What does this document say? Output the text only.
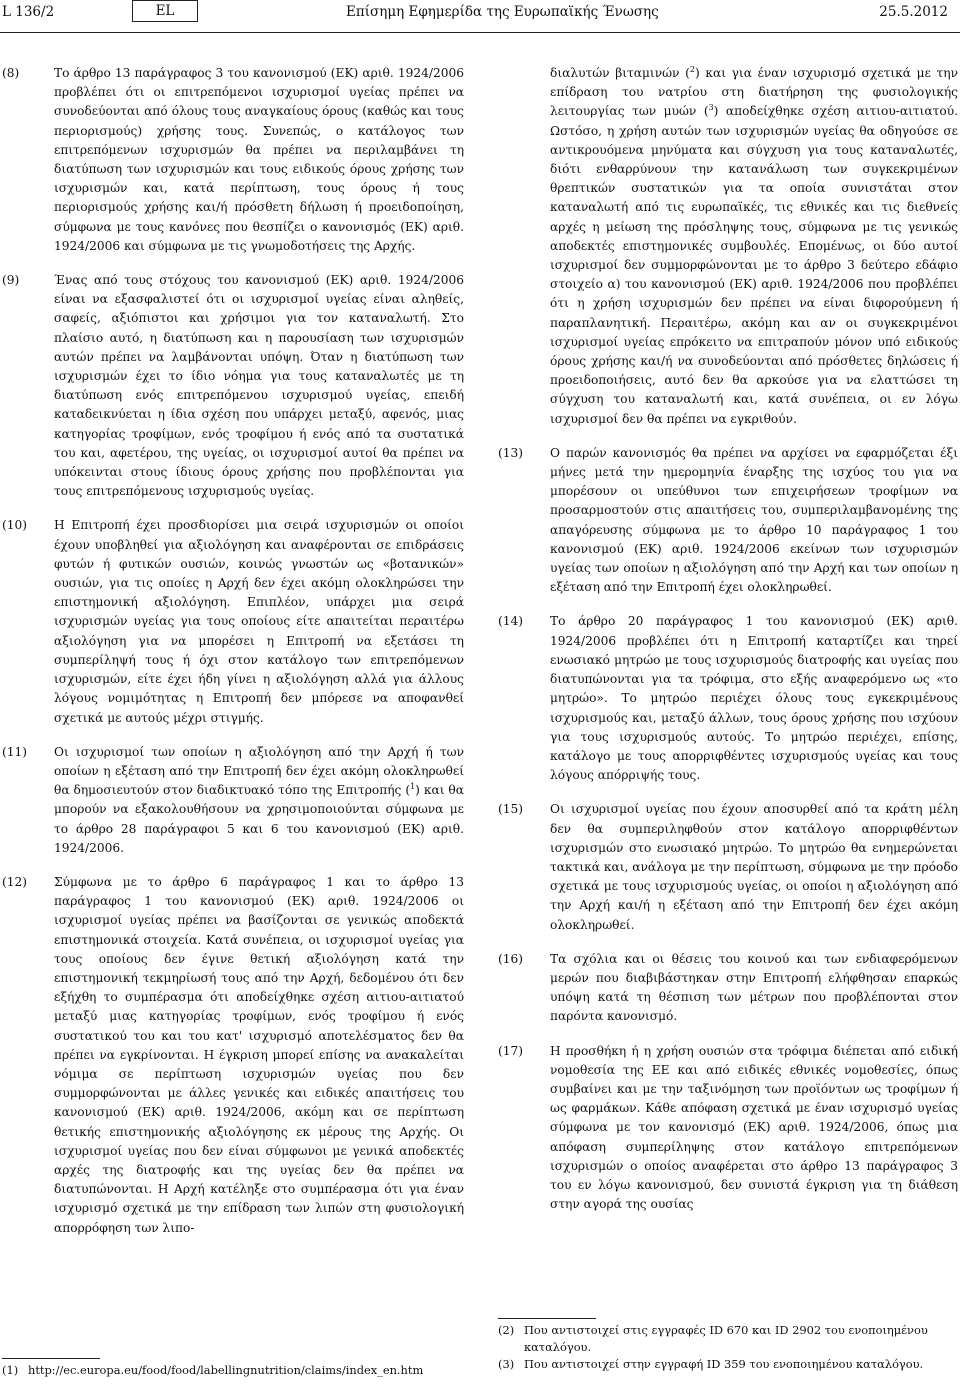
L 136/2	EL	Επίσημη Εφημερίδα της Ευρωπαϊκής Ένωσης	25.5.2012
(8)	Το άρθρο 13 παράγραφος 3 του κανονισμού (ΕΚ) αριθ. 1924/2006 προβλέπει ότι οι επιτρεπόμενοι ισχυρισμοί υγείας πρέπει να συνοδεύονται από όλους τους αναγκαίους όρους (καθώς και τους περιορισμούς) χρήσης τους. Συνεπώς, ο κατάλογος των επιτρεπόμενων ισχυρισμών θα πρέπει να περιλαμβάνει τη διατύπωση των ισχυρισμών και τους ειδικούς όρους χρήσης των ισχυρισμών και, κατά περίπτωση, τους όρους ή τους περιορισμούς χρήσης και/ή πρόσθετη δήλωση ή προειδοποίηση, σύμφωνα με τους κανόνες που θεσπίζει ο κανονισμός (ΕΚ) αριθ. 1924/2006 και σύμφωνα με τις γνωμοδοτήσεις της Αρχής.
(9)	Ένας από τους στόχους του κανονισμού (ΕΚ) αριθ. 1924/2006 είναι να εξασφαλιστεί ότι οι ισχυρισμοί υγείας είναι αληθείς, σαφείς, αξιόπιστοι και χρήσιμοι για τον καταναλωτή. Στο πλαίσιο αυτό, η διατύπωση και η παρουσίαση των ισχυρισμών αυτών πρέπει να λαμβάνονται υπόψη. Όταν η διατύπωση των ισχυρισμών έχει το ίδιο νόημα για τους καταναλωτές με τη διατύπωση ενός επιτρεπόμενου ισχυρισμού υγείας, επειδή καταδεικνύεται η ίδια σχέση που υπάρχει μεταξύ, αφενός, μιας κατηγορίας τροφίμων, ενός τροφίμου ή ενός από τα συστατικά του και, αφετέρου, της υγείας, οι ισχυρισμοί αυτοί θα πρέπει να υπόκεινται στους ίδιους όρους χρήσης που προβλέπονται για τους επιτρεπόμενους ισχυρισμούς υγείας.
(10)	Η Επιτροπή έχει προσδιορίσει μια σειρά ισχυρισμών οι οποίοι έχουν υποβληθεί για αξιολόγηση και αναφέρονται σε επιδράσεις φυτών ή φυτικών ουσιών, κοινώς γνωστών ως «βοτανικών» ουσιών, για τις οποίες η Αρχή δεν έχει ακόμη ολοκληρώσει την επιστημονική αξιολόγηση. Επιπλέον, υπάρχει μια σειρά ισχυρισμών υγείας για τους οποίους είτε απαιτείται περαιτέρω αξιολόγηση για να μπορέσει η Επιτροπή να εξετάσει τη συμπερίληψή τους ή όχι στον κατάλογο των επιτρεπόμενων ισχυρισμών, είτε έχει ήδη γίνει η αξιολόγηση αλλά για άλλους λόγους νομιμότητας η Επιτροπή δεν μπόρεσε να αποφανθεί σχετικά με αυτούς μέχρι στιγμής.
(11)	Οι ισχυρισμοί των οποίων η αξιολόγηση από την Αρχή ή των οποίων η εξέταση από την Επιτροπή δεν έχει ακόμη ολοκληρωθεί θα δημοσιευτούν στον διαδικτυακό τόπο της Επιτροπής ($^1$) και θα μπορούν να εξακολουθήσουν να χρησιμοποιούνται σύμφωνα με το άρθρο 28 παράγραφοι 5 και 6 του κανονισμού (ΕΚ) αριθ. 1924/2006.
(12)	Σύμφωνα με το άρθρο 6 παράγραφος 1 και το άρθρο 13 παράγραφος 1 του κανονισμού (ΕΚ) αριθ. 1924/2006 οι ισχυρισμοί υγείας πρέπει να βασίζονται σε γενικώς αποδεκτά επιστημονικά στοιχεία. Κατά συνέπεια, οι ισχυρισμοί υγείας για τους οποίους δεν έγινε θετική αξιολόγηση κατά την επιστημονική τεκμηρίωσή τους από την Αρχή, δεδομένου ότι δεν εξήχθη το συμπέρασμα ότι αποδείχθηκε σχέση αιτιου-αιτιατού μεταξύ μιας κατηγορίας τροφίμων, ενός τροφίμου ή ενός συστατικού του και του κατ' ισχυρισμό αποτελέσματος δεν θα πρέπει να εγκρίνονται. Η έγκριση μπορεί επίσης να ανακαλείται νόμιμα σε περίπτωση ισχυρισμών υγείας που δεν συμμορφώνονται με άλλες γενικές και ειδικές απαιτήσεις του κανονισμού (ΕΚ) αριθ. 1924/2006, ακόμη και σε περίπτωση θετικής επιστημονικής αξιολόγησης εκ μέρους της Αρχής. Οι ισχυρισμοί υγείας που δεν είναι σύμφωνοι με γενικά αποδεκτές αρχές της διατροφής και της υγείας δεν θα πρέπει να διατυπώνονται. Η Αρχή κατέληξε στο συμπέρασμα ότι για έναν ισχυρισμό σχετικά με την επίδραση των λιπών στη φυσιολογική απορρόφηση των λιπο-
διαλυτών βιταμινών ($^2$) και για έναν ισχυρισμό σχετικά με την επίδραση του νατρίου στη διατήρηση της φυσιολογικής λειτουργίας των μυών ($^3$) αποδείχθηκε σχέση αιτιου-αιτιατού. Ωστόσο, η χρήση αυτών των ισχυρισμών υγείας θα οδηγούσε σε αντικρουόμενα μηνύματα και σύγχυση για τους καταναλωτές, διότι ενθαρρύνουν την κατανάλωση των συγκεκριμένων θρεπτικών συστατικών για τα οποία συνιστάται στον καταναλωτή από τις ευρωπαϊκές, τις εθνικές και τις διεθνείς αρχές η μείωση της πρόσληψης τους, σύμφωνα με τις γενικώς αποδεκτές επιστημονικές συμβουλές. Επομένως, οι δύο αυτοί ισχυρισμοί δεν συμμορφώνονται με το άρθρο 3 δεύτερο εδάφιο στοιχείο α) του κανονισμού (ΕΚ) αριθ. 1924/2006 που προβλέπει ότι η χρήση ισχυρισμών δεν πρέπει να είναι διφορούμενη ή παραπλανητική. Περαιτέρω, ακόμη και αν οι συγκεκριμένοι ισχυρισμοί υγείας επρόκειτο να επιτραπούν μόνον υπό ειδικούς όρους χρήσης και/ή να συνοδεύονται από πρόσθετες δηλώσεις ή προειδοποιήσεις, αυτό δεν θα αρκούσε για να ελαττώσει τη σύγχυση του καταναλωτή και, κατά συνέπεια, οι εν λόγω ισχυρισμοί δεν θα πρέπει να εγκριθούν.
(13)	Ο παρών κανονισμός θα πρέπει να αρχίσει να εφαρμόζεται έξι μήνες μετά την ημερομηνία έναρξης της ισχύος του για να μπορέσουν οι υπεύθυνοι των επιχειρήσεων τροφίμων να προσαρμοστούν στις απαιτήσεις του, συμπεριλαμβανομένης της απαγόρευσης σύμφωνα με το άρθρο 10 παράγραφος 1 του κανονισμού (ΕΚ) αριθ. 1924/2006 εκείνων των ισχυρισμών υγείας των οποίων η αξιολόγηση από την Αρχή και των οποίων η εξέταση από την Επιτροπή έχει ολοκληρωθεί.
(14)	Το άρθρο 20 παράγραφος 1 του κανονισμού (ΕΚ) αριθ. 1924/2006 προβλέπει ότι η Επιτροπή καταρτίζει και τηρεί ενωσιακό μητρώο με τους ισχυρισμούς διατροφής και υγείας που διατυπώνονται για τα τρόφιμα, στο εξής αναφερόμενο ως «το μητρώο». Το μητρώο περιέχει όλους τους εγκεκριμένους ισχυρισμούς και, μεταξύ άλλων, τους όρους χρήσης που ισχύουν για τους ισχυρισμούς αυτούς. Το μητρώο περιέχει, επίσης, κατάλογο με τους απορριφθέντες ισχυρισμούς υγείας και τους λόγους απόρριψής τους.
(15)	Οι ισχυρισμοί υγείας που έχουν αποσυρθεί από τα κράτη μέλη δεν θα συμπεριληφθούν στον κατάλογο απορριφθέντων ισχυρισμών στο ενωσιακό μητρώο. Το μητρώο θα ενημερώνεται τακτικά και, ανάλογα με την περίπτωση, σύμφωνα με την πρόοδο σχετικά με τους ισχυρισμούς υγείας, οι οποίοι η αξιολόγηση από την Αρχή και/ή η εξέταση από την Επιτροπή δεν έχει ακόμη ολοκληρωθεί.
(16)	Τα σχόλια και οι θέσεις του κοινού και των ενδιαφερόμενων μερών που διαβιβάστηκαν στην Επιτροπή ελήφθησαν επαρκώς υπόψη κατά τη θέσπιση των μέτρων που προβλέπονται στον παρόντα κανονισμό.
(17)	Η προσθήκη ή η χρήση ουσιών στα τρόφιμα διέπεται από ειδική νομοθεσία της ΕΕ και από ειδικές εθνικές νομοθεσίες, όπως συμβαίνει και με την ταξινόμηση των προϊόντων ως τροφίμων ή ως φαρμάκων. Κάθε απόφαση σχετικά με έναν ισχυρισμό υγείας σύμφωνα με τον κανονισμό (ΕΚ) αριθ. 1924/2006, όπως μια απόφαση συμπερίληψης στον κατάλογο επιτρεπόμενων ισχυρισμών ο οποίος αναφέρεται στο άρθρο 13 παράγραφος 3 του εν λόγω κανονισμού, δεν συνιστά έγκριση για τη διάθεση στην αγορά της ουσίας
(1) http://ec.europa.eu/food/food/labellingnutrition/claims/index_en.htm
(2) Που αντιστοιχεί στις εγγραφές ID 670 και ID 2902 του ενοποιημένου καταλόγου.
(3) Που αντιστοιχεί στην εγγραφή ID 359 του ενοποιημένου καταλόγου.
